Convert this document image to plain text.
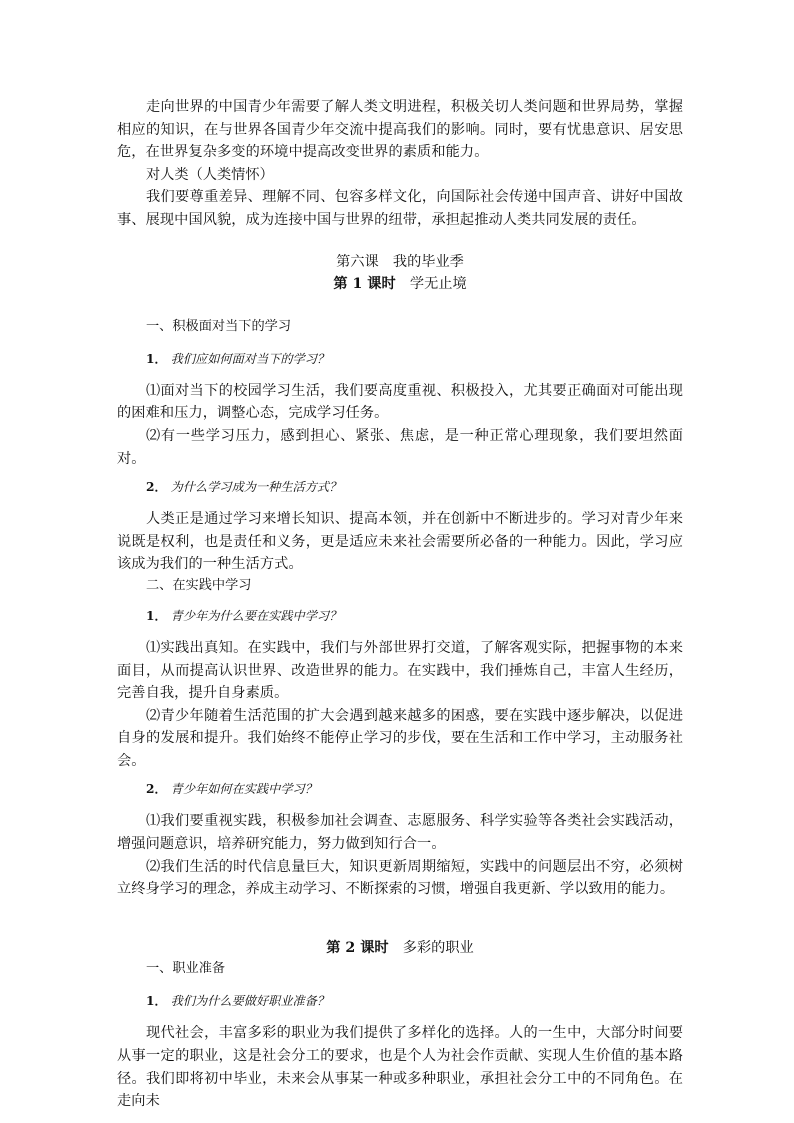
走向世界的中国青少年需要了解人类文明进程，积极关切人类问题和世界局势，掌握相应的知识，在与世界各国青少年交流中提高我们的影响。同时，要有忧患意识、居安思危，在世界复杂多变的环境中提高改变世界的素质和能力。

对人类（人类情怀）

我们要尊重差异、理解不同、包容多样文化，向国际社会传递中国声音、讲好中国故事、展现中国风貌，成为连接中国与世界的纽带，承担起推动人类共同发展的责任。

第六课　我的毕业季

第 1 课时　学无止境

一、积极面对当下的学习

1． 我们应如何面对当下的学习？

⑴面对当下的校园学习生活，我们要高度重视、积极投入，尤其要正确面对可能出现的困难和压力，调整心态，完成学习任务。

⑵有一些学习压力，感到担心、紧张、焦虑，是一种正常心理现象，我们要坦然面对。

2． 为什么学习成为一种生活方式？

人类正是通过学习来增长知识、提高本领，并在创新中不断进步的。学习对青少年来说既是权利，也是责任和义务，更是适应未来社会需要所必备的一种能力。因此，学习应该成为我们的一种生活方式。

二、在实践中学习

1． 青少年为什么要在实践中学习？

⑴实践出真知。在实践中，我们与外部世界打交道，了解客观实际，把握事物的本来面目，从而提高认识世界、改造世界的能力。在实践中，我们捶炼自己，丰富人生经历，完善自我，提升自身素质。

⑵青少年随着生活范围的扩大会遇到越来越多的困惑，要在实践中逐步解决，以促进自身的发展和提升。我们始终不能停止学习的步伐，要在生活和工作中学习，主动服务社会。

2． 青少年如何在实践中学习？

⑴我们要重视实践，积极参加社会调查、志愿服务、科学实验等各类社会实践活动，增强问题意识，培养研究能力，努力做到知行合一。

⑵我们生活的时代信息量巨大，知识更新周期缩短，实践中的问题层出不穷，必须树立终身学习的理念，养成主动学习、不断探索的习惯，增强自我更新、学以致用的能力。

第 2 课时　多彩的职业

一、职业准备

1． 我们为什么要做好职业准备？

现代社会，丰富多彩的职业为我们提供了多样化的选择。人的一生中，大部分时间要从事一定的职业，这是社会分工的要求，也是个人为社会作贡献、实现人生价值的基本路径。我们即将初中毕业，未来会从事某一种或多种职业，承担社会分工中的不同角色。在走向未
